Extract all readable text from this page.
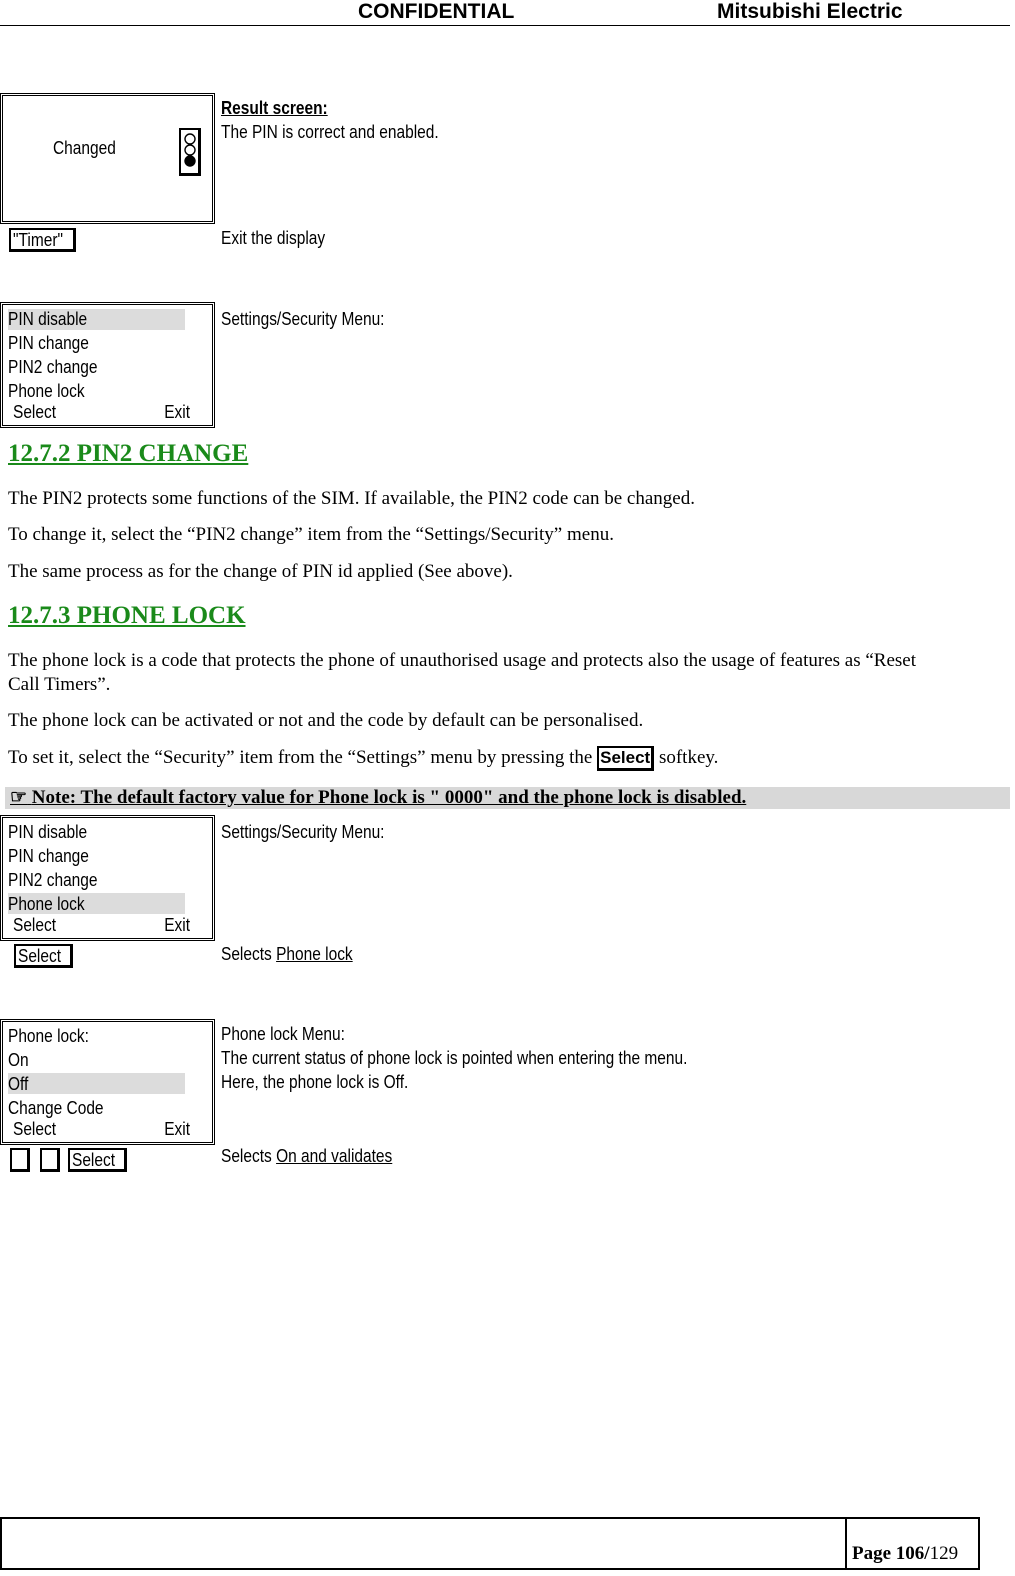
CONFIDENTIAL	Mitsubishi Electric
Changed
Result screen:
The PIN is correct and enabled.
"Timer"	Exit the display
PIN disable
PIN change
PIN2 change
Phone lock
Select	Exit
Settings/Security Menu:
12.7.2 PIN2 CHANGE
The PIN2 protects some functions of the SIM. If available, the PIN2 code can be changed.
To change it, select the “PIN2 change” item from the “Settings/Security” menu.
The same process as for the change of PIN id applied (See above).
12.7.3 PHONE LOCK
The phone lock is a code that protects the phone of unauthorised usage and protects also the usage of features as “Reset
Call Timers”.
The phone lock can be activated or not and the code by default can be personalised.
To set it, select the “Security” item from the “Settings” menu by pressing the Select softkey.
☞ Note: The default factory value for Phone lock is " 0000" and the phone lock is disabled.
PIN disable
PIN change
PIN2 change
Phone lock
Select	Exit
Settings/Security Menu:
Select	Selects Phone lock
Phone lock:
On
Off
Change Code
Select	Exit
Phone lock Menu:
The current status of phone lock is pointed when entering the menu.
Here, the phone lock is Off.
Select	Selects On and validates
Page 106/129
